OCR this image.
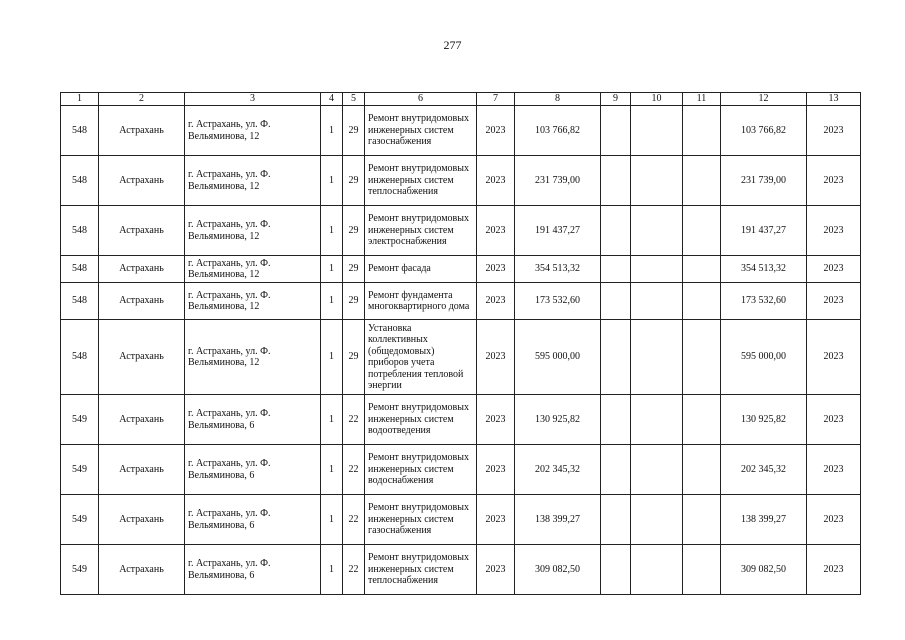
277
1	2	3	4	5	6	7	8	9	10	11	12	13
548	Астрахань	г. Астрахань, ул. Ф. Вельяминова, 12	1	29	Ремонт внутридомовых инженерных систем газоснабжения	2023	103 766,82				103 766,82	2023
548	Астрахань	г. Астрахань, ул. Ф. Вельяминова, 12	1	29	Ремонт внутридомовых инженерных систем теплоснабжения	2023	231 739,00				231 739,00	2023
548	Астрахань	г. Астрахань, ул. Ф. Вельяминова, 12	1	29	Ремонт внутридомовых инженерных систем электроснабжения	2023	191 437,27				191 437,27	2023
548	Астрахань	г. Астрахань, ул. Ф. Вельяминова, 12	1	29	Ремонт фасада	2023	354 513,32				354 513,32	2023
548	Астрахань	г. Астрахань, ул. Ф. Вельяминова, 12	1	29	Ремонт фундамента многоквартирного дома	2023	173 532,60				173 532,60	2023
548	Астрахань	г. Астрахань, ул. Ф. Вельяминова, 12	1	29	Установка коллективных (общедомовых) приборов учета потребления тепловой энергии	2023	595 000,00				595 000,00	2023
549	Астрахань	г. Астрахань, ул. Ф. Вельяминова, 6	1	22	Ремонт внутридомовых инженерных систем водоотведения	2023	130 925,82				130 925,82	2023
549	Астрахань	г. Астрахань, ул. Ф. Вельяминова, 6	1	22	Ремонт внутридомовых инженерных систем водоснабжения	2023	202 345,32				202 345,32	2023
549	Астрахань	г. Астрахань, ул. Ф. Вельяминова, 6	1	22	Ремонт внутридомовых инженерных систем газоснабжения	2023	138 399,27				138 399,27	2023
549	Астрахань	г. Астрахань, ул. Ф. Вельяминова, 6	1	22	Ремонт внутридомовых инженерных систем теплоснабжения	2023	309 082,50				309 082,50	2023
